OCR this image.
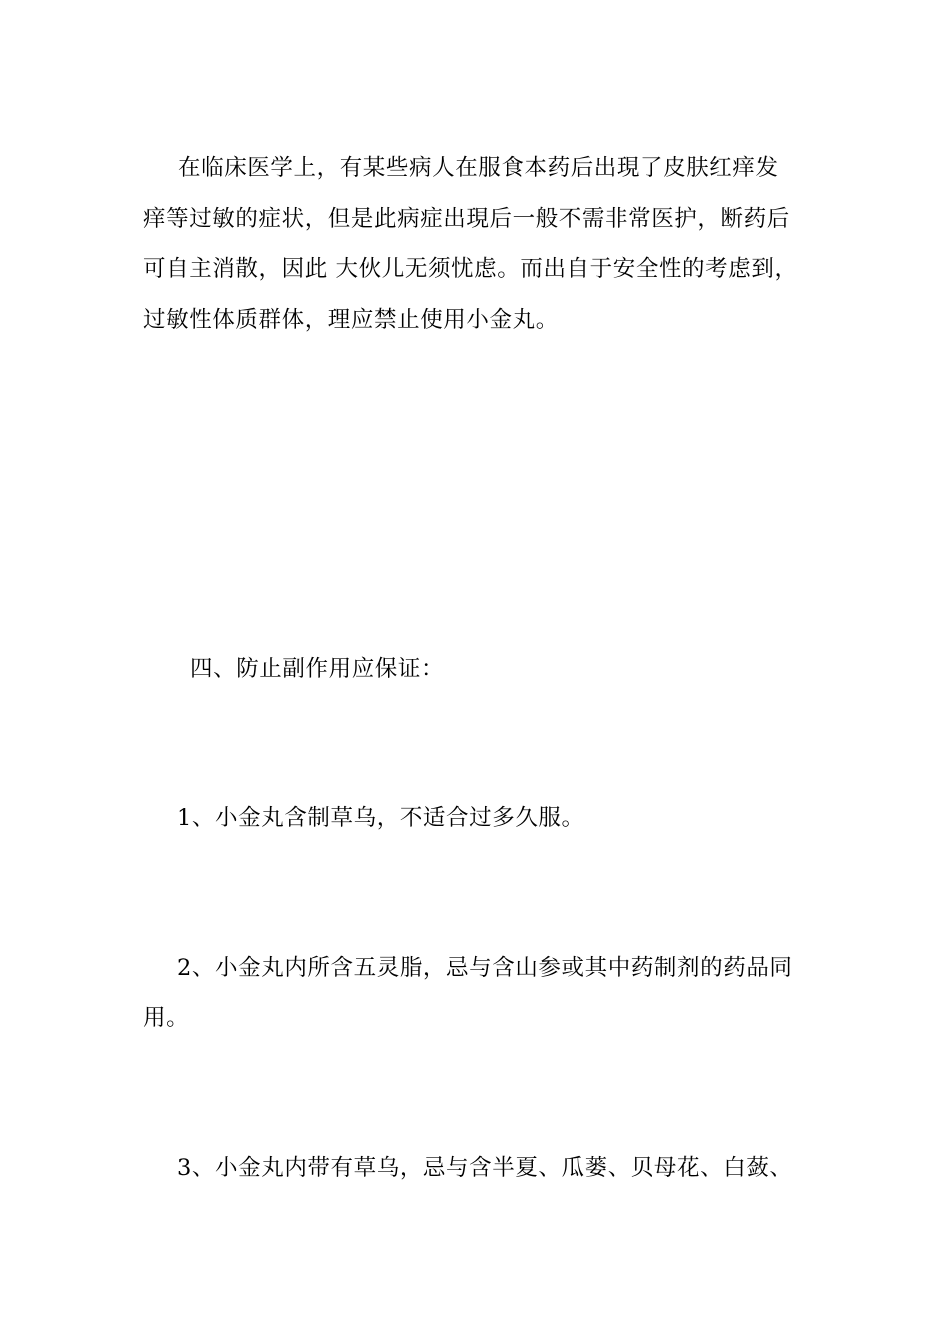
在临床医学上，有某些病人在服食本药后出現了皮肤红痒发
痒等过敏的症状，但是此病症出現后一般不需非常医护，断药后
可自主消散，因此 大伙儿无须忧虑。而出自于安全性的考虑到，
过敏性体质群体，理应禁止使用小金丸。
四、防止副作用应保证：
1、小金丸含制草乌，不适合过多久服。
2、小金丸内所含五灵脂，忌与含山参或其中药制剂的药品同
用。
3、小金丸内带有草乌，忌与含半夏、瓜蒌、贝母花、白蔹、
